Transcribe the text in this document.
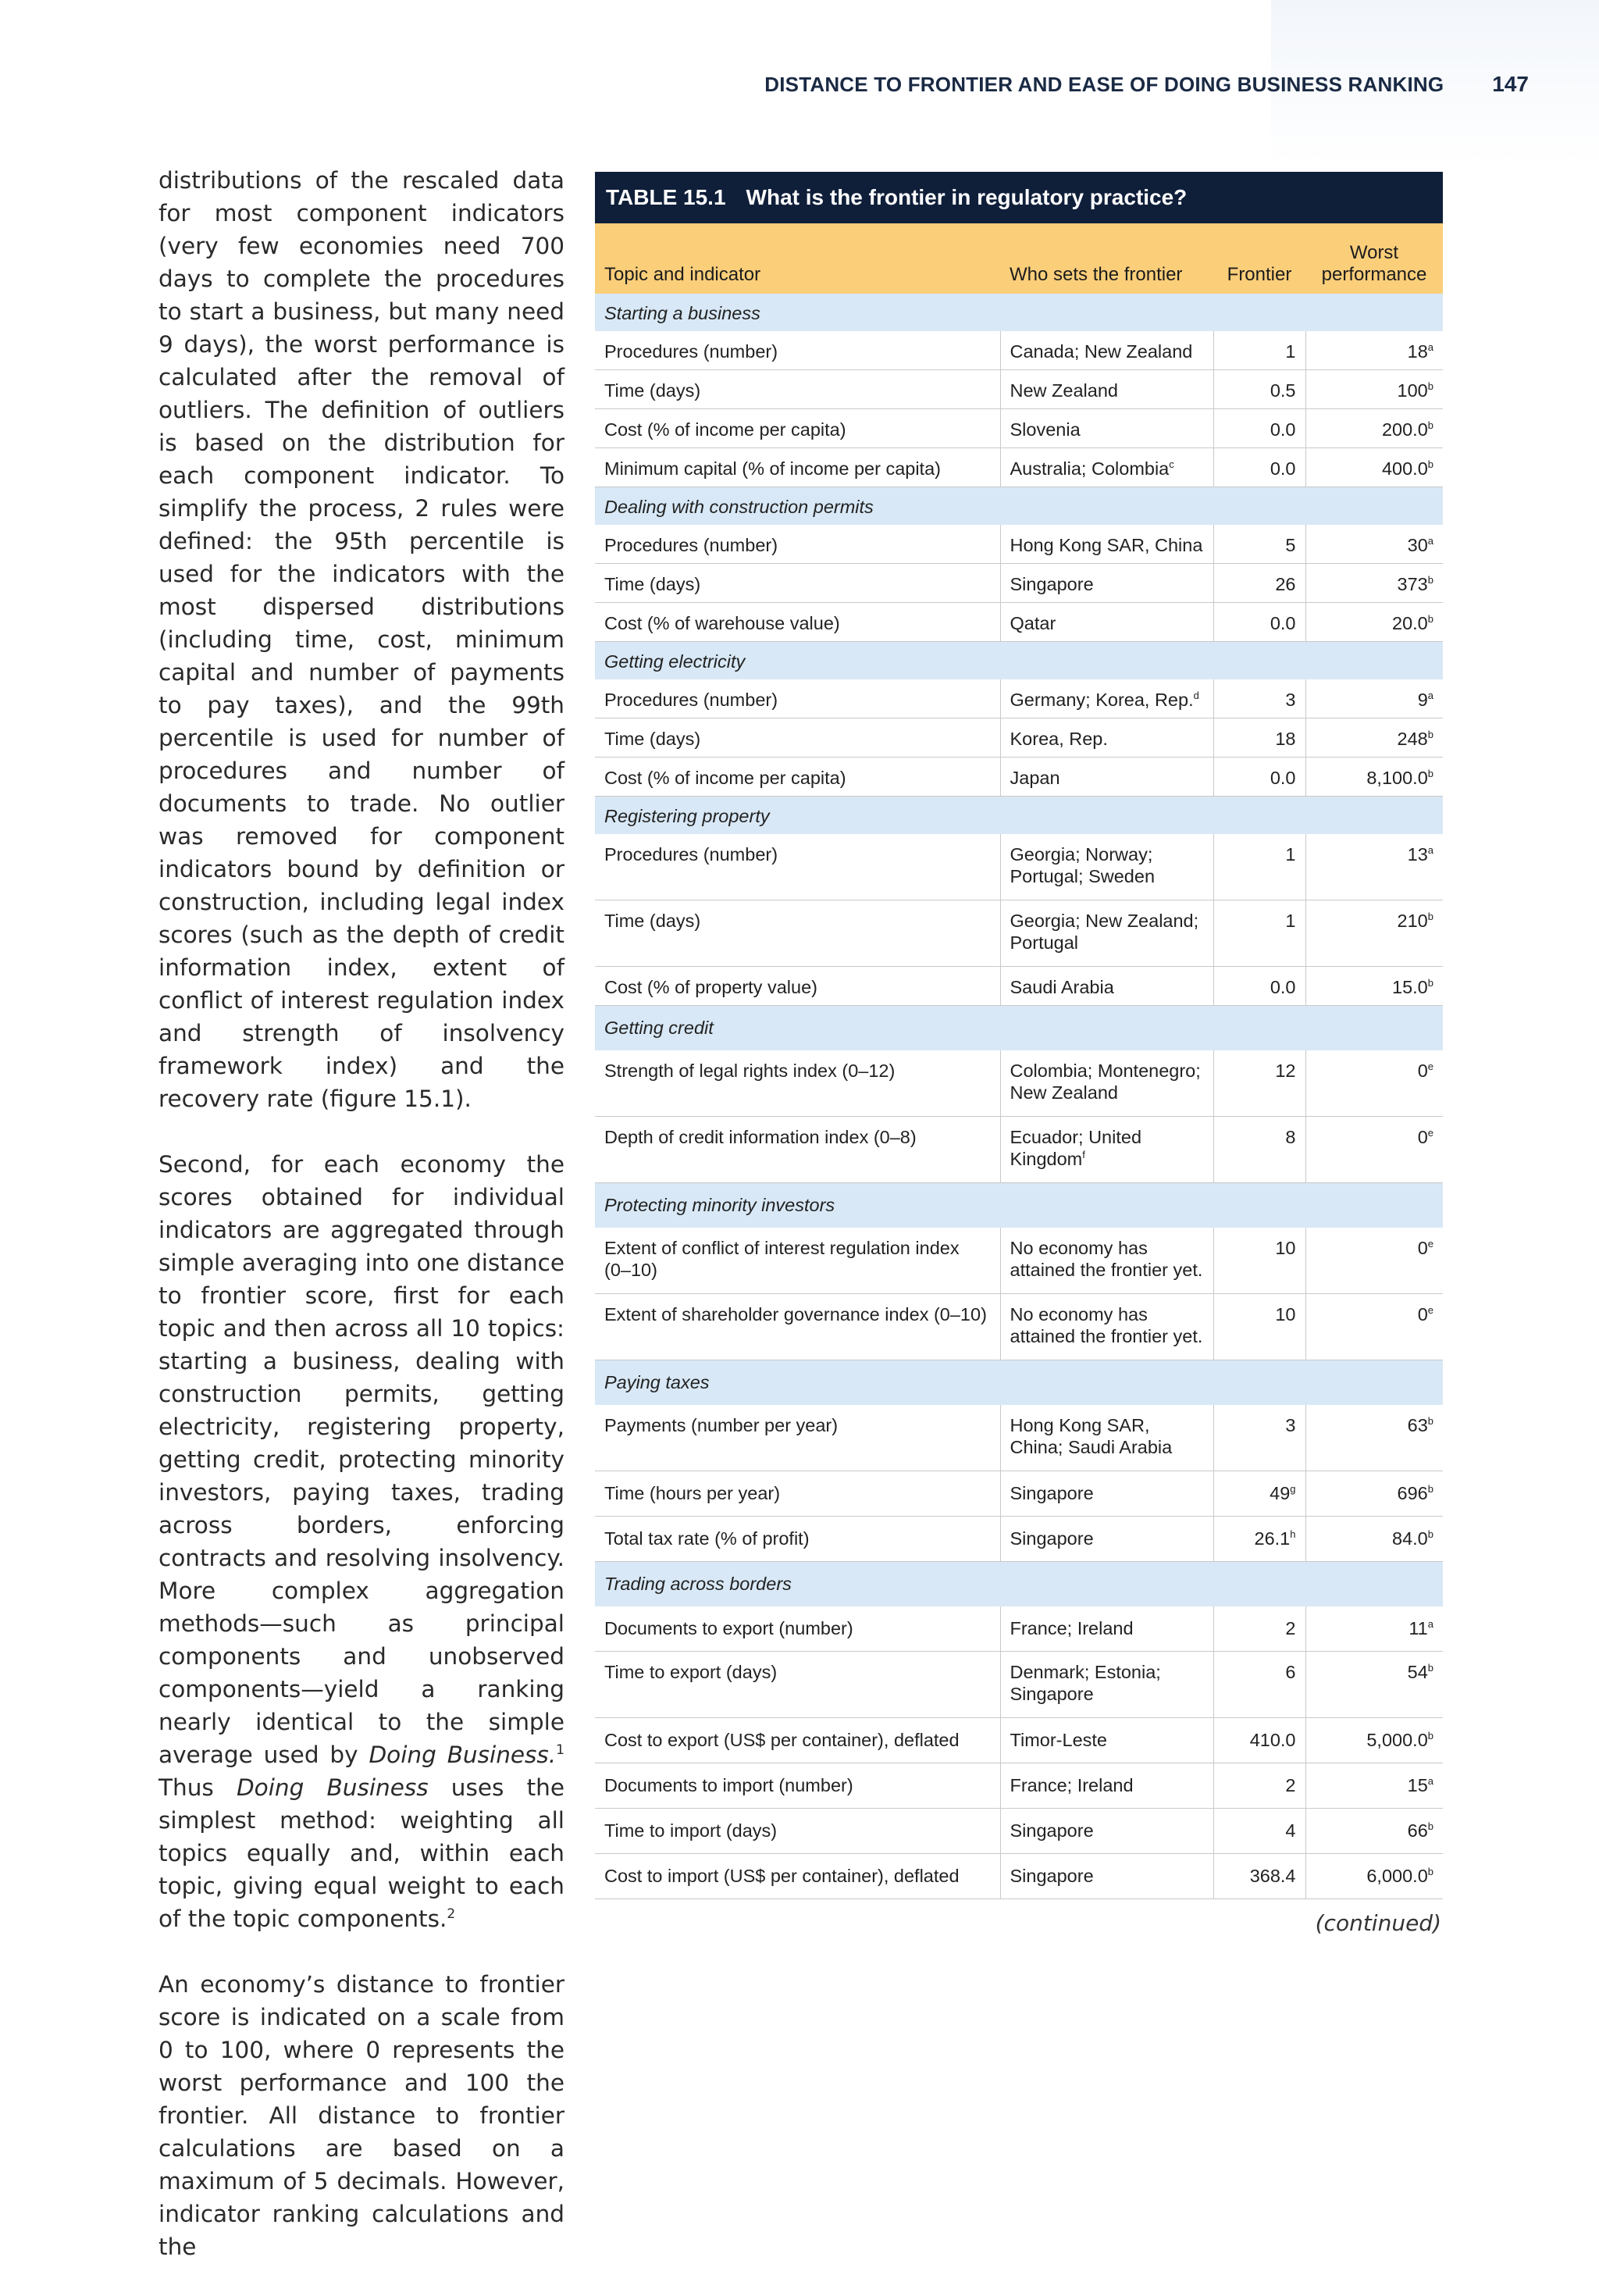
DISTANCE TO FRONTIER AND EASE OF DOING BUSINESS RANKING 147

distributions of the rescaled data for most component indicators (very few economies need 700 days to complete the procedures to start a business, but many need 9 days), the worst performance is calculated after the removal of outliers. The definition of outliers is based on the distribution for each component indicator. To simplify the process, 2 rules were defined: the 95th percentile is used for the indicators with the most dispersed distributions (including time, cost, minimum capital and number of payments to pay taxes), and the 99th percentile is used for number of procedures and number of documents to trade. No outlier was removed for component indicators bound by definition or construction, including legal index scores (such as the depth of credit information index, extent of conflict of interest regulation index and strength of insolvency framework index) and the recovery rate (figure 15.1).

Second, for each economy the scores obtained for individual indicators are aggregated through simple averaging into one distance to frontier score, first for each topic and then across all 10 topics: starting a business, dealing with construction permits, getting electricity, registering property, getting credit, protecting minority investors, paying taxes, trading across borders, enforcing contracts and resolving insolvency. More complex aggregation methods—such as principal components and unobserved components—yield a ranking nearly identical to the simple average used by Doing Business.$^1$ Thus Doing Business uses the simplest method: weighting all topics equally and, within each topic, giving equal weight to each of the topic components.$^2$

An economy’s distance to frontier score is indicated on a scale from 0 to 100, where 0 represents the worst performance and 100 the frontier. All distance to frontier calculations are based on a maximum of 5 decimals. However, indicator ranking calculations and the

TABLE 15.1 What is the frontier in regulatory practice?
Topic and indicator	Who sets the frontier	Frontier	Worst
performance
Starting a business			
Procedures (number)	Canada; New Zealand	1	18$^a$
Time (days)	New Zealand	0.5	100$^b$
Cost (% of income per capita)	Slovenia	0.0	200.0$^b$
Minimum capital (% of income per capita)	Australia; Colombia$^c$	0.0	400.0$^b$
Dealing with construction permits			
Procedures (number)	Hong Kong SAR, China	5	30$^a$
Time (days)	Singapore	26	373$^b$
Cost (% of warehouse value)	Qatar	0.0	20.0$^b$
Getting electricity			
Procedures (number)	Germany; Korea, Rep.$^d$	3	9$^a$
Time (days)	Korea, Rep.	18	248$^b$
Cost (% of income per capita)	Japan	0.0	8,100.0$^b$
Registering property			
Procedures (number)	Georgia; Norway; Portugal; Sweden	1	13$^a$
Time (days)	Georgia; New Zealand; Portugal	1	210$^b$
Cost (% of property value)	Saudi Arabia	0.0	15.0$^b$
Getting credit			
Strength of legal rights index (0–12)	Colombia; Montenegro; New Zealand	12	0e
Depth of credit information index (0–8)	Ecuador; United Kingdom$^f$	8	0e
Protecting minority investors			
Extent of conflict of interest regulation index (0–10)	No economy has attained the frontier yet.	10	0e
Extent of shareholder governance index (0–10)	No economy has attained the frontier yet.	10	0e
Paying taxes			
Payments (number per year)	Hong Kong SAR, China; Saudi Arabia	3	63$^b$
Time (hours per year)	Singapore	49$^g$	696$^b$
Total tax rate (% of profit)	Singapore	26.1$^h$	84.0$^b$
Trading across borders			
Documents to export (number)	France; Ireland	2	11$^a$
Time to export (days)	Denmark; Estonia; Singapore	6	54$^b$
Cost to export (US$ per container), deflated	Timor-Leste	410.0	5,000.0$^b$
Documents to import (number)	France; Ireland	2	15$^a$
Time to import (days)	Singapore	4	66$^b$
Cost to import (US$ per container), deflated	Singapore	368.4	6,000.0$^b$
(continued)
